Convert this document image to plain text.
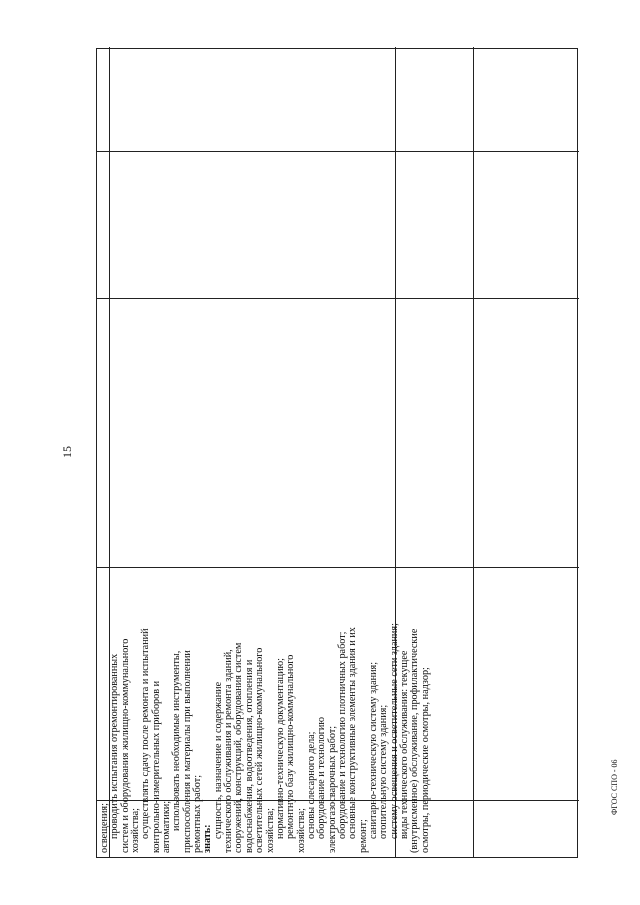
15
освещения; проводить испытания отремонтированных систем и оборудования жилищно-коммунального хозяйства; осуществлять сдачу после ремонта и испытаний контрольно-измерительных приборов и автоматики; использовать необходимые инструменты, приспособления и материалы при выполнении ремонтных работ; знать: сущность, назначение и содержание технического обслуживания и ремонта зданий, сооружений, конструкций, оборудования систем водоснабжения, водоотведения, отопления и осветительных сетей жилищно-коммунального хозяйства; нормативно-техническую документацию; ремонтную базу жилищно-коммунального хозяйства; основы слесарного дела; оборудование и технологию электрогазосварочных работ; оборудование и технологию плотничных работ; основные конструктивные элементы здания и их ремонт; санитарно-техническую систему здания; отопительную систему здания; систему освещения и осветительные сети здания; виды технического обслуживания: текущее (внутрисменное) обслуживание, профилактические осмотры, периодические осмотры, надзор;	ФГОС СПО - 06
